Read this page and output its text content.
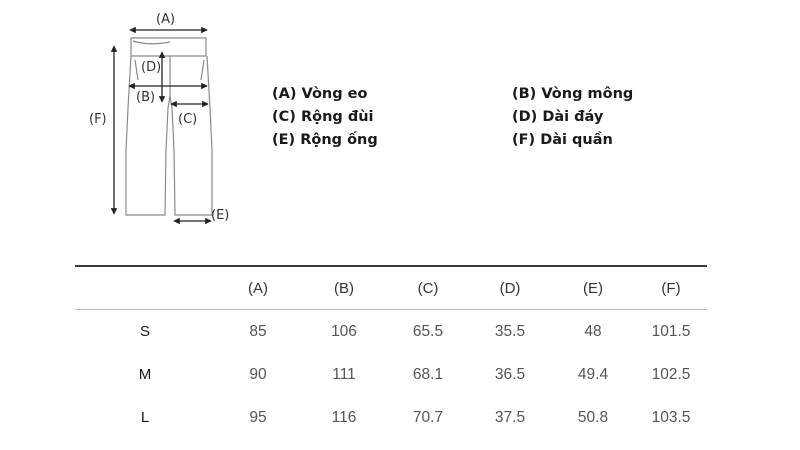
(A)
(D)
(B)
(C)
(F)
(E)
(A) Vòng eo	(B) Vòng mông
(C) Rộng đùi	(D) Dài đáy
(E) Rộng ống	(F) Dài quần
	(A)	(B)	(C)	(D)	(E)	(F)
S	85	106	65.5	35.5	48	101.5
M	90	111	68.1	36.5	49.4	102.5
L	95	116	70.7	37.5	50.8	103.5
